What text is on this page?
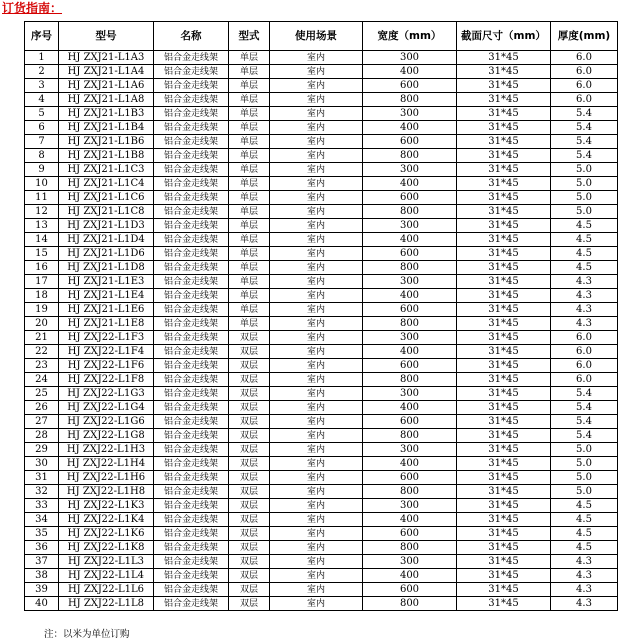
订货指南：
序号	型号	名称	型式	使用场景	宽度（mm）	截面尺寸（mm）	厚度(mm)
1	HJ ZXJ21-L1A3	铝合金走线架	单层	室内	300	31*45	6.0
2	HJ ZXJ21-L1A4	铝合金走线架	单层	室内	400	31*45	6.0
3	HJ ZXJ21-L1A6	铝合金走线架	单层	室内	600	31*45	6.0
4	HJ ZXJ21-L1A8	铝合金走线架	单层	室内	800	31*45	6.0
5	HJ ZXJ21-L1B3	铝合金走线架	单层	室内	300	31*45	5.4
6	HJ ZXJ21-L1B4	铝合金走线架	单层	室内	400	31*45	5.4
7	HJ ZXJ21-L1B6	铝合金走线架	单层	室内	600	31*45	5.4
8	HJ ZXJ21-L1B8	铝合金走线架	单层	室内	800	31*45	5.4
9	HJ ZXJ21-L1C3	铝合金走线架	单层	室内	300	31*45	5.0
10	HJ ZXJ21-L1C4	铝合金走线架	单层	室内	400	31*45	5.0
11	HJ ZXJ21-L1C6	铝合金走线架	单层	室内	600	31*45	5.0
12	HJ ZXJ21-L1C8	铝合金走线架	单层	室内	800	31*45	5.0
13	HJ ZXJ21-L1D3	铝合金走线架	单层	室内	300	31*45	4.5
14	HJ ZXJ21-L1D4	铝合金走线架	单层	室内	400	31*45	4.5
15	HJ ZXJ21-L1D6	铝合金走线架	单层	室内	600	31*45	4.5
16	HJ ZXJ21-L1D8	铝合金走线架	单层	室内	800	31*45	4.5
17	HJ ZXJ21-L1E3	铝合金走线架	单层	室内	300	31*45	4.3
18	HJ ZXJ21-L1E4	铝合金走线架	单层	室内	400	31*45	4.3
19	HJ ZXJ21-L1E6	铝合金走线架	单层	室内	600	31*45	4.3
20	HJ ZXJ21-L1E8	铝合金走线架	单层	室内	800	31*45	4.3
21	HJ ZXJ22-L1F3	铝合金走线架	双层	室内	300	31*45	6.0
22	HJ ZXJ22-L1F4	铝合金走线架	双层	室内	400	31*45	6.0
23	HJ ZXJ22-L1F6	铝合金走线架	双层	室内	600	31*45	6.0
24	HJ ZXJ22-L1F8	铝合金走线架	双层	室内	800	31*45	6.0
25	HJ ZXJ22-L1G3	铝合金走线架	双层	室内	300	31*45	5.4
26	HJ ZXJ22-L1G4	铝合金走线架	双层	室内	400	31*45	5.4
27	HJ ZXJ22-L1G6	铝合金走线架	双层	室内	600	31*45	5.4
28	HJ ZXJ22-L1G8	铝合金走线架	双层	室内	800	31*45	5.4
29	HJ ZXJ22-L1H3	铝合金走线架	双层	室内	300	31*45	5.0
30	HJ ZXJ22-L1H4	铝合金走线架	双层	室内	400	31*45	5.0
31	HJ ZXJ22-L1H6	铝合金走线架	双层	室内	600	31*45	5.0
32	HJ ZXJ22-L1H8	铝合金走线架	双层	室内	800	31*45	5.0
33	HJ ZXJ22-L1K3	铝合金走线架	双层	室内	300	31*45	4.5
34	HJ ZXJ22-L1K4	铝合金走线架	双层	室内	400	31*45	4.5
35	HJ ZXJ22-L1K6	铝合金走线架	双层	室内	600	31*45	4.5
36	HJ ZXJ22-L1K8	铝合金走线架	双层	室内	800	31*45	4.5
37	HJ ZXJ22-L1L3	铝合金走线架	双层	室内	300	31*45	4.3
38	HJ ZXJ22-L1L4	铝合金走线架	双层	室内	400	31*45	4.3
39	HJ ZXJ22-L1L6	铝合金走线架	双层	室内	600	31*45	4.3
40	HJ ZXJ22-L1L8	铝合金走线架	双层	室内	800	31*45	4.3
注：以米为单位订购
